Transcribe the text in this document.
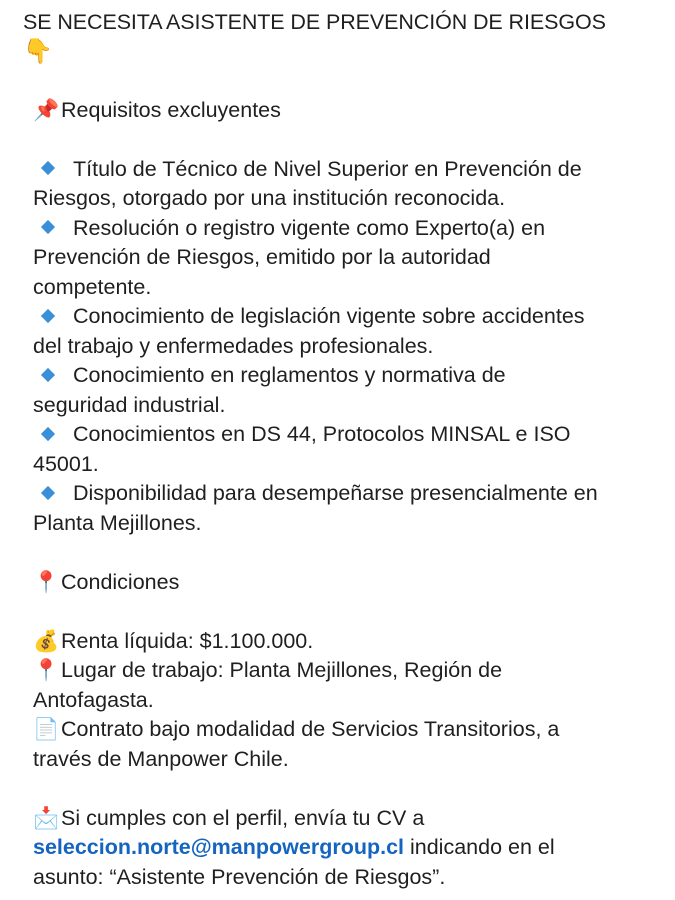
SE NECESITA ASISTENTE DE PREVENCIÓN DE RIESGOS
👇
📌Requisitos excluyentes
Título de Técnico de Nivel Superior en Prevención de
Riesgos, otorgado por una institución reconocida.
Resolución o registro vigente como Experto(a) en
Prevención de Riesgos, emitido por la autoridad
competente.
Conocimiento de legislación vigente sobre accidentes
del trabajo y enfermedades profesionales.
Conocimiento en reglamentos y normativa de
seguridad industrial.
Conocimientos en DS 44, Protocolos MINSAL e ISO
45001.
Disponibilidad para desempeñarse presencialmente en
Planta Mejillones.
📍Condiciones
💰Renta líquida: $1.100.000.
📍Lugar de trabajo: Planta Mejillones, Región de
Antofagasta.
📄Contrato bajo modalidad de Servicios Transitorios, a
través de Manpower Chile.
📩Si cumples con el perfil, envía tu CV a
seleccion.norte@manpowergroup.cl indicando en el
asunto: “Asistente Prevención de Riesgos”.
